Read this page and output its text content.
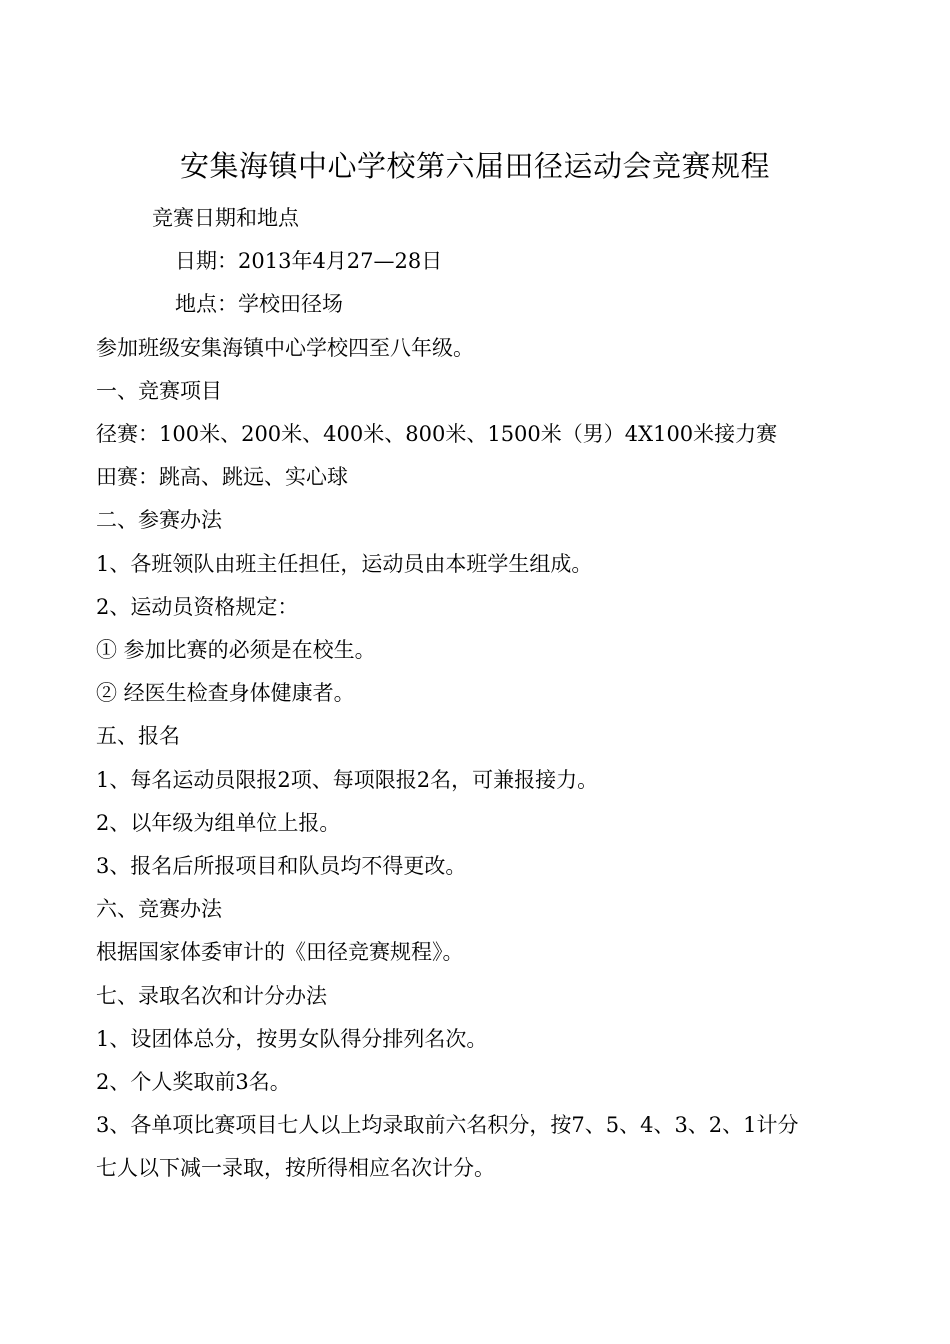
安集海镇中心学校第六届田径运动会竞赛规程
竞赛日期和地点
日期：2013年4月27—28日
地点：学校田径场
参加班级安集海镇中心学校四至八年级。
一、竞赛项目
径赛：100米、200米、400米、800米、1500米（男）4X100米接力赛
田赛：跳高、跳远、实心球
二、参赛办法
1、各班领队由班主任担任，运动员由本班学生组成。
2、运动员资格规定：
① 参加比赛的必须是在校生。
② 经医生检查身体健康者。
五、报名
1、每名运动员限报2项、每项限报2名，可兼报接力。
2、以年级为组单位上报。
3、报名后所报项目和队员均不得更改。
六、竞赛办法
根据国家体委审计的《田径竞赛规程》。
七、录取名次和计分办法
1、设团体总分，按男女队得分排列名次。
2、个人奖取前3名。
3、各单项比赛项目七人以上均录取前六名积分，按7、5、4、3、2、1计分
七人以下减一录取，按所得相应名次计分。
